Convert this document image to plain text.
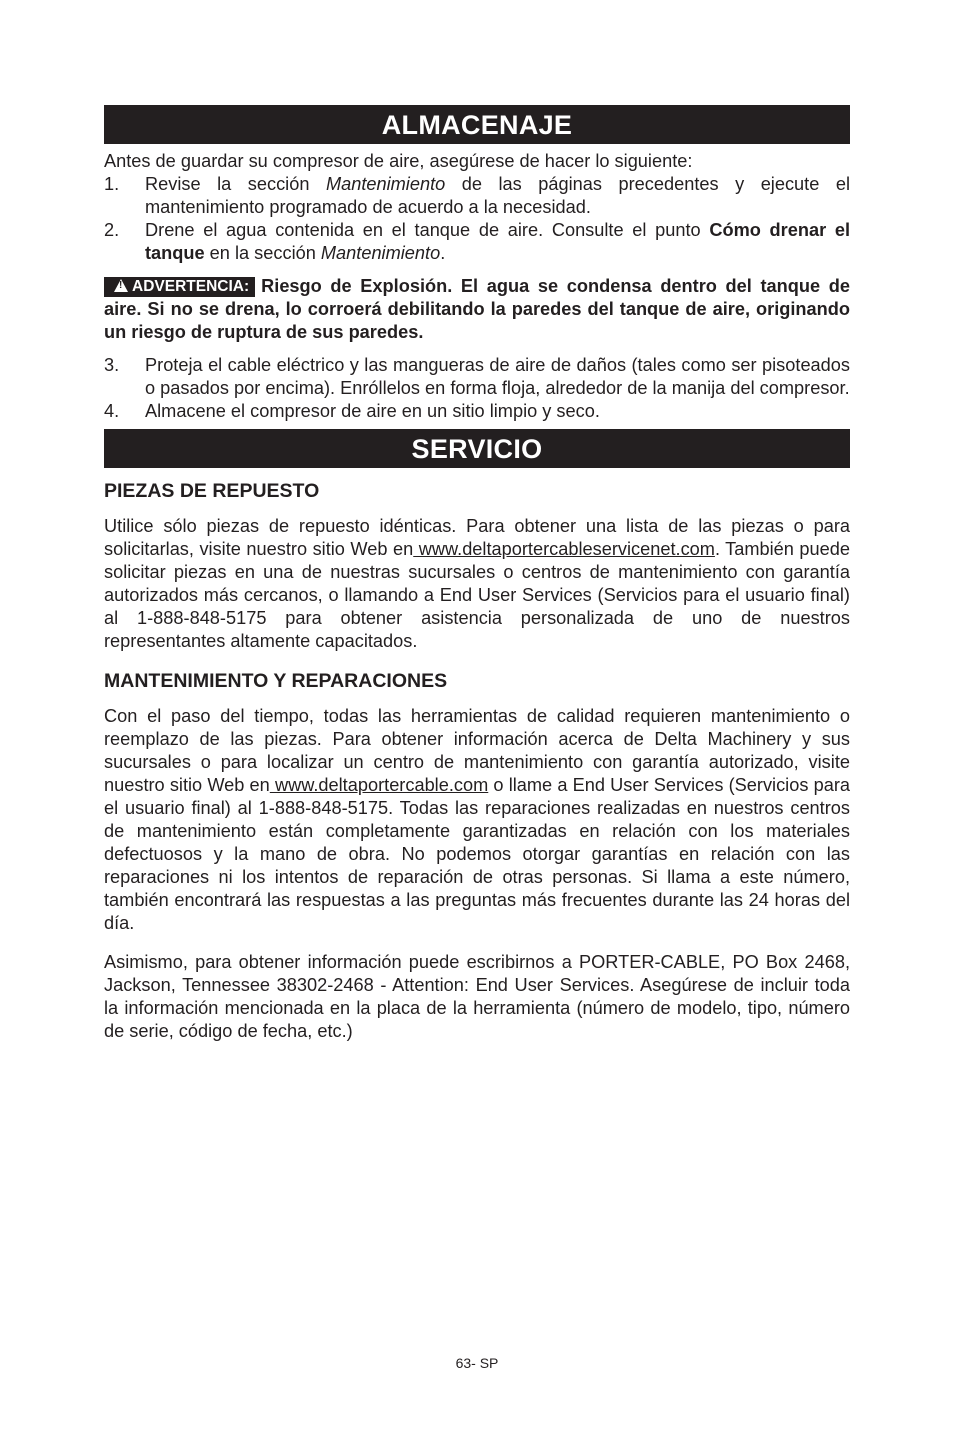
ALMACENAJE

Antes de guardar su compresor de aire, asegúrese de hacer lo siguiente:

1. Revise la sección Mantenimiento de las páginas precedentes y ejecute el mantenimiento programado de acuerdo a la necesidad.
2. Drene el agua contenida en el tanque de aire. Consulte el punto Cómo drenar el tanque en la sección Mantenimiento.

!ADVERTENCIA: Riesgo de Explosión. El agua se condensa dentro del tanque de aire. Si no se drena, lo corroerá debilitando la paredes del tanque de aire, originando un riesgo de ruptura de sus paredes.

3. Proteja el cable eléctrico y las mangueras de aire de daños (tales como ser pisoteados o pasados por encima). Enróllelos en forma floja, alrededor de la manija del compresor.
4. Almacene el compresor de aire en un sitio limpio y seco.
SERVICIO
PIEZAS DE REPUESTO

Utilice sólo piezas de repuesto idénticas. Para obtener una lista de las piezas o para solicitarlas, visite nuestro sitio Web en www.deltaportercableservicenet.com. También puede solicitar piezas en una de nuestras sucursales o centros de mantenimiento con garantía autorizados más cercanos, o llamando a End User Services (Servicios para el usuario final) al 1-888-848-5175 para obtener asistencia personalizada de uno de nuestros representantes altamente capacitados.

MANTENIMIENTO Y REPARACIONES

Con el paso del tiempo, todas las herramientas de calidad requieren mantenimiento o reemplazo de las piezas. Para obtener información acerca de Delta Machinery y sus sucursales o para localizar un centro de mantenimiento con garantía autorizado, visite nuestro sitio Web en www.deltaportercable.com o llame a End User Services (Servicios para el usuario final) al 1-888-848-5175. Todas las reparaciones realizadas en nuestros centros de mantenimiento están completamente garantizadas en relación con los materiales defectuosos y la mano de obra. No podemos otorgar garantías en relación con las reparaciones ni los intentos de reparación de otras personas. Si llama a este número, también encontrará las respuestas a las preguntas más frecuentes durante las 24 horas del día.

Asimismo, para obtener información puede escribirnos a PORTER-CABLE, PO Box 2468, Jackson, Tennessee 38302-2468 - Attention: End User Services. Asegúrese de incluir toda la información mencionada en la placa de la herramienta (número de modelo, tipo, número de serie, código de fecha, etc.)

63- SP
